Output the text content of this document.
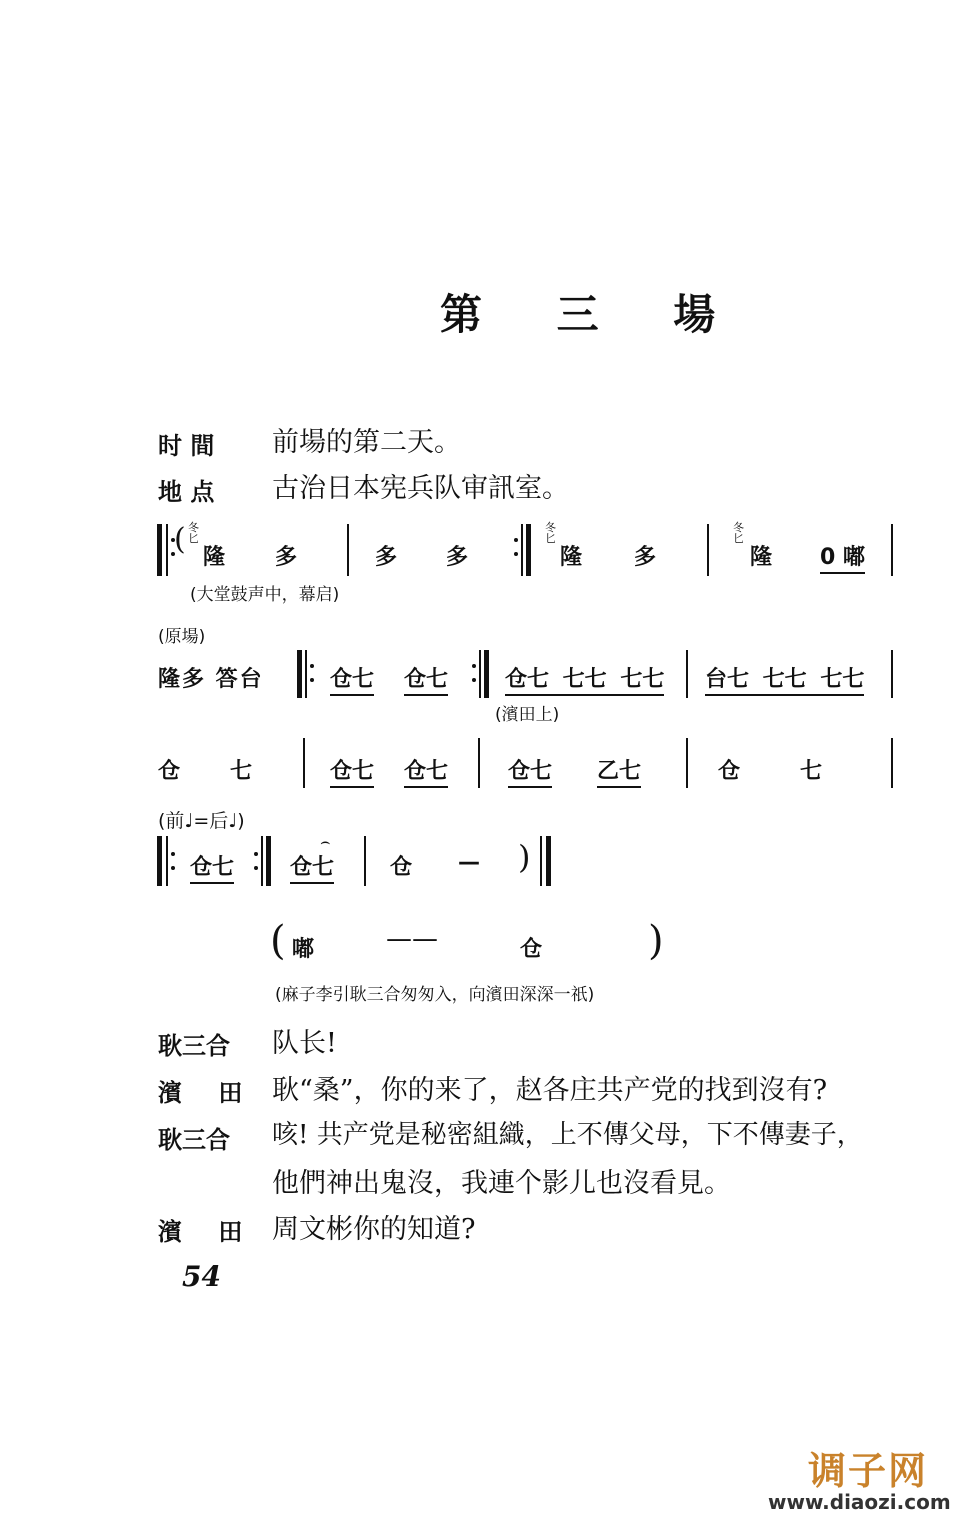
第 三 場
时 間 前場的第二天。
地 点 古治日本宪兵队审訊室。
( 冬匕
隆 多	多 多
冬匕
隆 多
冬匕
隆 0 嘟
(大堂鼓声中，幕启)
(原場)
隆多 答台	仓七 仓七	仓七 七七 七七 台七 七七 七七
(濱田上)
仓 七	仓七 仓七	仓七 乙七	仓	七
(前♩=后♩)
仓七	仓七
⌢
仓 — )
( 嘟	——	仓	)
(麻子李引耿三合匆匆入，向濱田深深一祇)
耿三合 队长!
濱 田 耿“桑”，你的来了，赵各庄共产党的找到沒有?
耿三合 咳! 共产党是秘密組織，上不傳父母，下不傳妻子，
他們神出鬼沒，我連个影儿也沒看見。
濱 田 周文彬你的知道?
54
调子网
www.diaozi.com
